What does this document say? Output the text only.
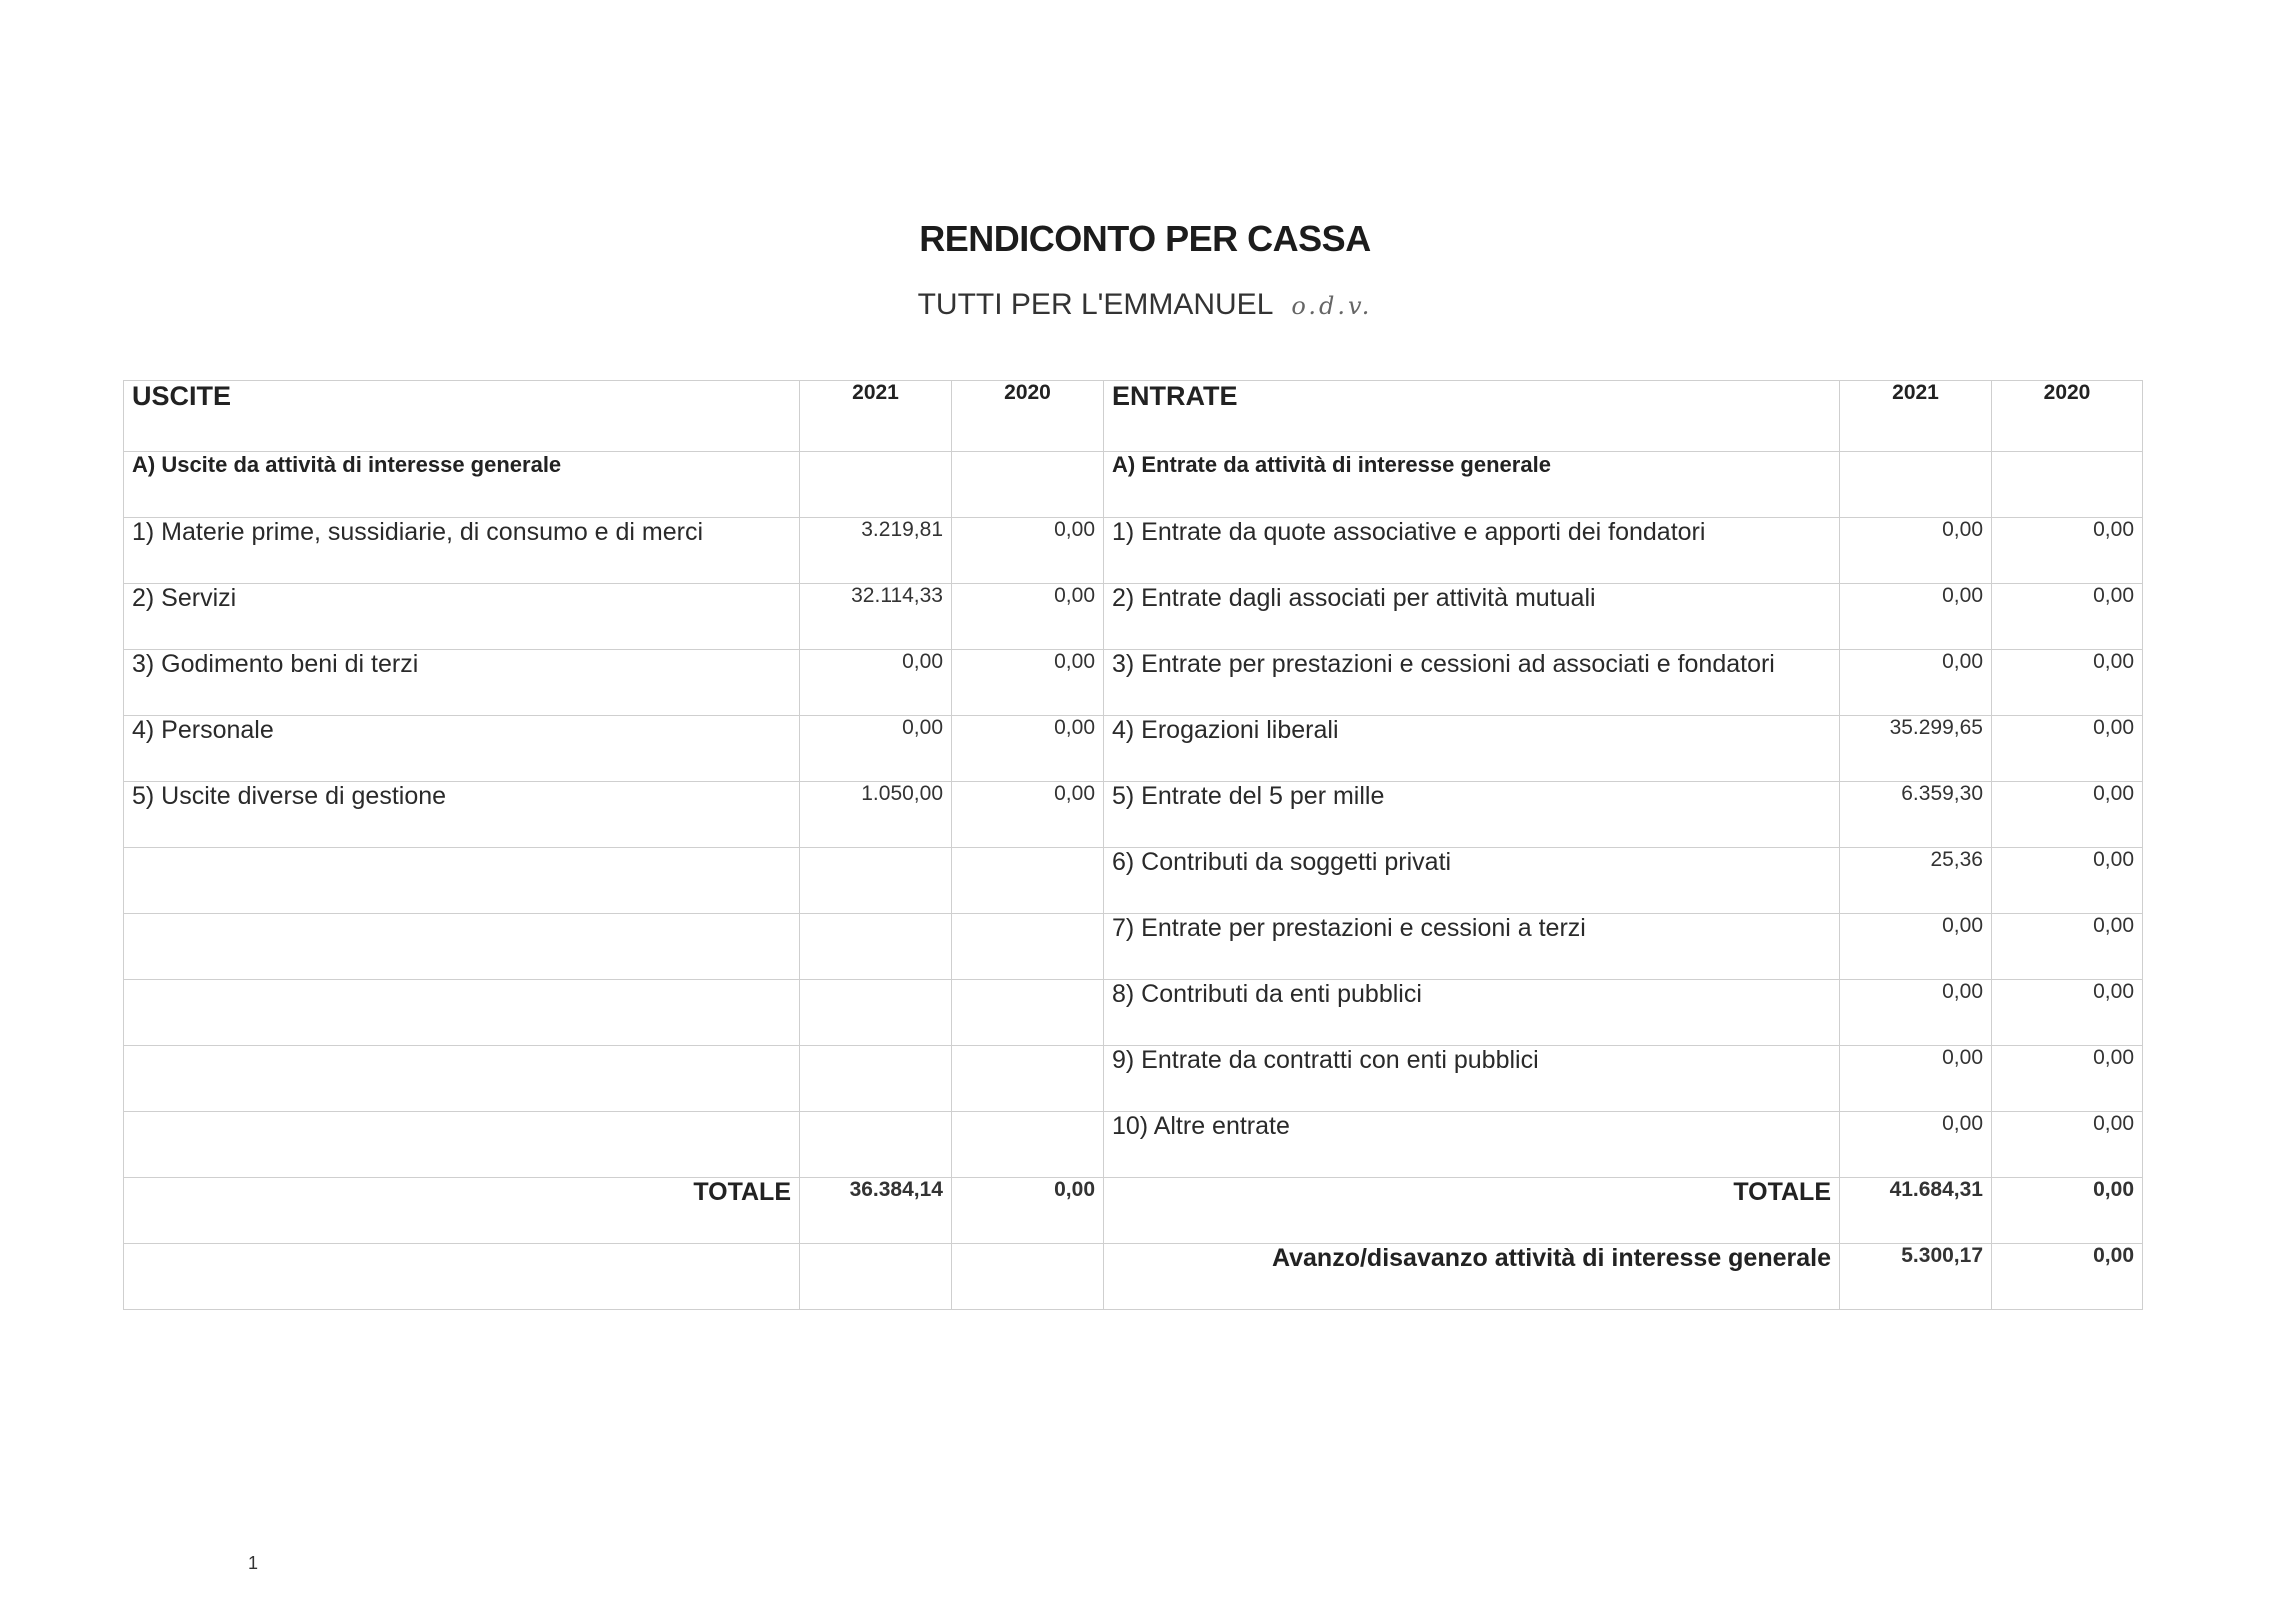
RENDICONTO PER CASSA
TUTTI PER L'EMMANUEL o.d.v.
USCITE	2021	2020	ENTRATE	2021	2020
A) Uscite da attività di interesse generale			A) Entrate da attività di interesse generale		
1) Materie prime, sussidiarie, di consumo e di merci	3.219,81	0,00	1) Entrate da quote associative e apporti dei fondatori	0,00	0,00
2) Servizi	32.114,33	0,00	2) Entrate dagli associati per attività mutuali	0,00	0,00
3) Godimento beni di terzi	0,00	0,00	3) Entrate per prestazioni e cessioni ad associati e fondatori	0,00	0,00
4) Personale	0,00	0,00	4) Erogazioni liberali	35.299,65	0,00
5) Uscite diverse di gestione	1.050,00	0,00	5) Entrate del 5 per mille	6.359,30	0,00
			6) Contributi da soggetti privati	25,36	0,00
			7) Entrate per prestazioni e cessioni a terzi	0,00	0,00
			8) Contributi da enti pubblici	0,00	0,00
			9) Entrate da contratti con enti pubblici	0,00	0,00
			10) Altre entrate	0,00	0,00
TOTALE	36.384,14	0,00	TOTALE	41.684,31	0,00
			Avanzo/disavanzo attività di interesse generale	5.300,17	0,00
1
